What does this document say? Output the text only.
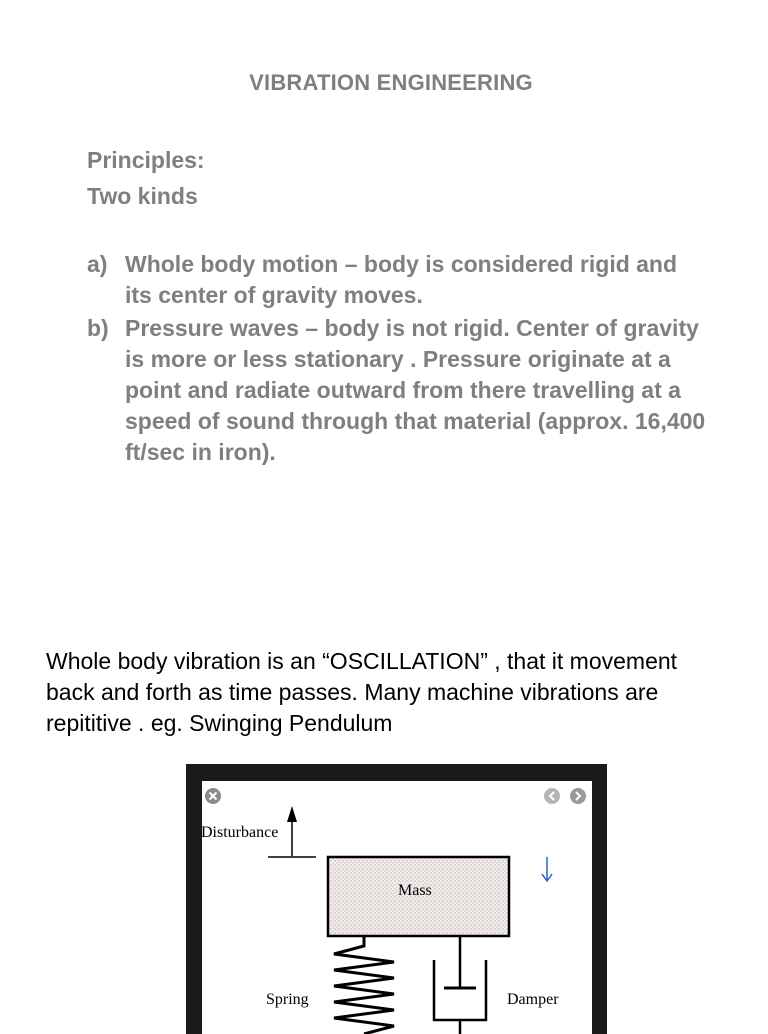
VIBRATION ENGINEERING
Principles:
Two kinds
a) Whole body motion – body is considered rigid and its center of gravity moves.
b) Pressure waves – body is not rigid. Center of gravity is more or less stationary . Pressure originate at a point and radiate outward from there travelling at a speed of sound through that material (approx. 16,400 ft/sec in iron).
Whole body vibration is an “OSCILLATION” , that it movement back and forth as time passes. Many machine vibrations are repititive . eg. Swinging Pendulum
Disturbance
Mass
Spring	Damper
